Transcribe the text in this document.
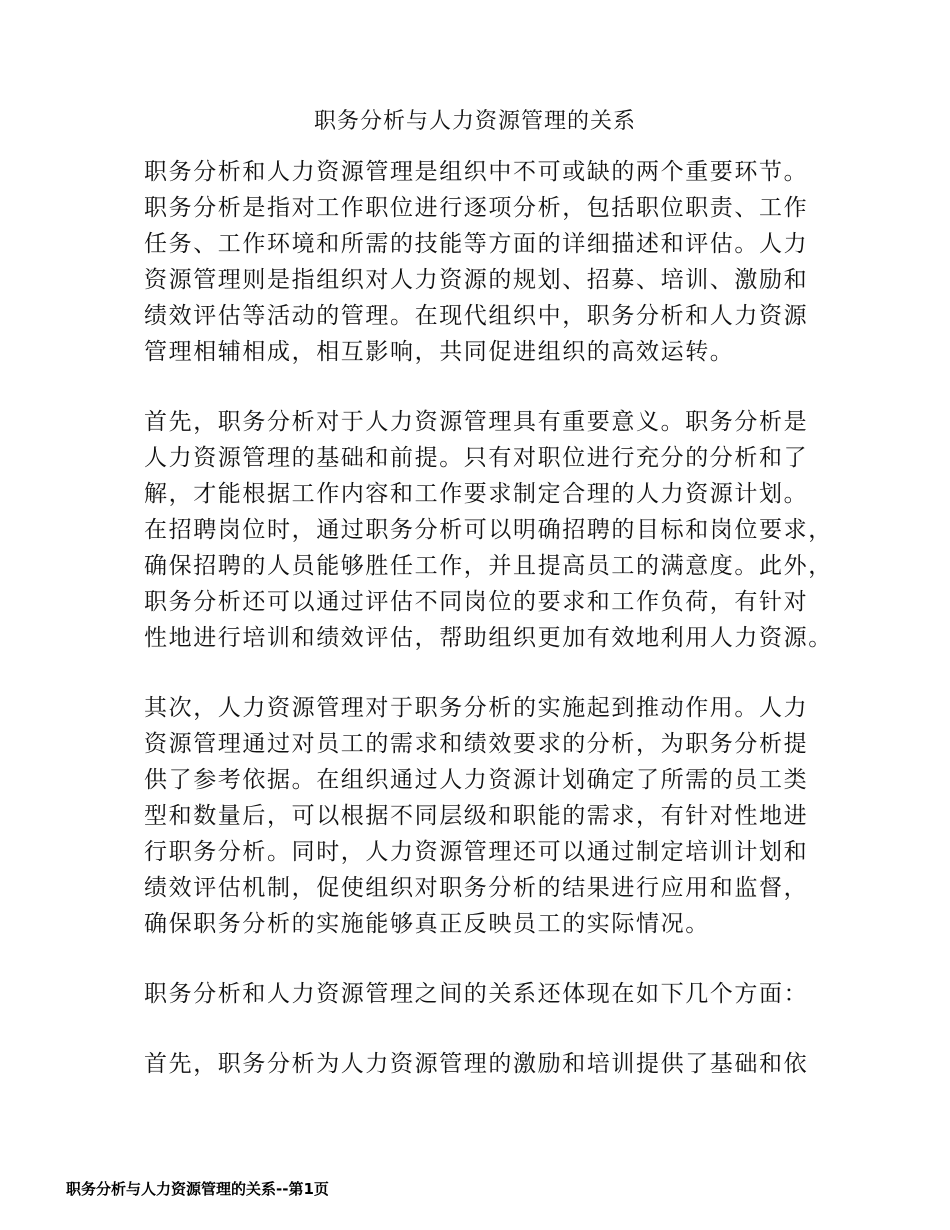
职务分析与人力资源管理的关系
职务分析和人力资源管理是组织中不可或缺的两个重要环节。
职务分析是指对工作职位进行逐项分析，包括职位职责、工作
任务、工作环境和所需的技能等方面的详细描述和评估。人力
资源管理则是指组织对人力资源的规划、招募、培训、激励和
绩效评估等活动的管理。在现代组织中，职务分析和人力资源
管理相辅相成，相互影响，共同促进组织的高效运转。
首先，职务分析对于人力资源管理具有重要意义。职务分析是
人力资源管理的基础和前提。只有对职位进行充分的分析和了
解，才能根据工作内容和工作要求制定合理的人力资源计划。
在招聘岗位时，通过职务分析可以明确招聘的目标和岗位要求，
确保招聘的人员能够胜任工作，并且提高员工的满意度。此外，
职务分析还可以通过评估不同岗位的要求和工作负荷，有针对
性地进行培训和绩效评估，帮助组织更加有效地利用人力资源。
其次，人力资源管理对于职务分析的实施起到推动作用。人力
资源管理通过对员工的需求和绩效要求的分析，为职务分析提
供了参考依据。在组织通过人力资源计划确定了所需的员工类
型和数量后，可以根据不同层级和职能的需求，有针对性地进
行职务分析。同时，人力资源管理还可以通过制定培训计划和
绩效评估机制，促使组织对职务分析的结果进行应用和监督，
确保职务分析的实施能够真正反映员工的实际情况。
职务分析和人力资源管理之间的关系还体现在如下几个方面：
首先，职务分析为人力资源管理的激励和培训提供了基础和依
职务分析与人力资源管理的关系--第1页
